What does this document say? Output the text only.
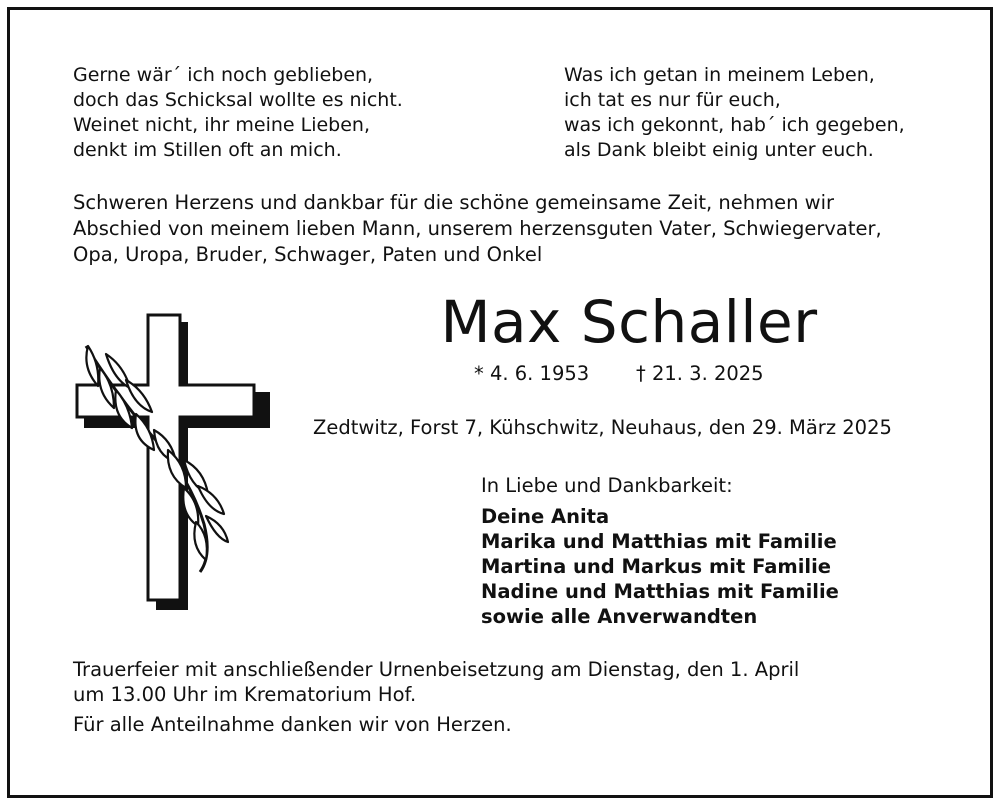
Gerne wär´ ich noch geblieben,
doch das Schicksal wollte es nicht.
Weinet nicht, ihr meine Lieben,
denkt im Stillen oft an mich.
Was ich getan in meinem Leben,
ich tat es nur für euch,
was ich gekonnt, hab´ ich gegeben,
als Dank bleibt einig unter euch.
Schweren Herzens und dankbar für die schöne gemeinsame Zeit, nehmen wir
Abschied von meinem lieben Mann, unserem herzensguten Vater, Schwiegervater,
Opa, Uropa, Bruder, Schwager, Paten und Onkel
Max Schaller
* 4. 6. 1953 † 21. 3. 2025
Zedtwitz, Forst 7, Kühschwitz, Neuhaus, den 29. März 2025
In Liebe und Dankbarkeit:
Deine Anita
Marika und Matthias mit Familie
Martina und Markus mit Familie
Nadine und Matthias mit Familie
sowie alle Anverwandten
Trauerfeier mit anschließender Urnenbeisetzung am Dienstag, den 1. April
um 13.00 Uhr im Krematorium Hof.
Für alle Anteilnahme danken wir von Herzen.
